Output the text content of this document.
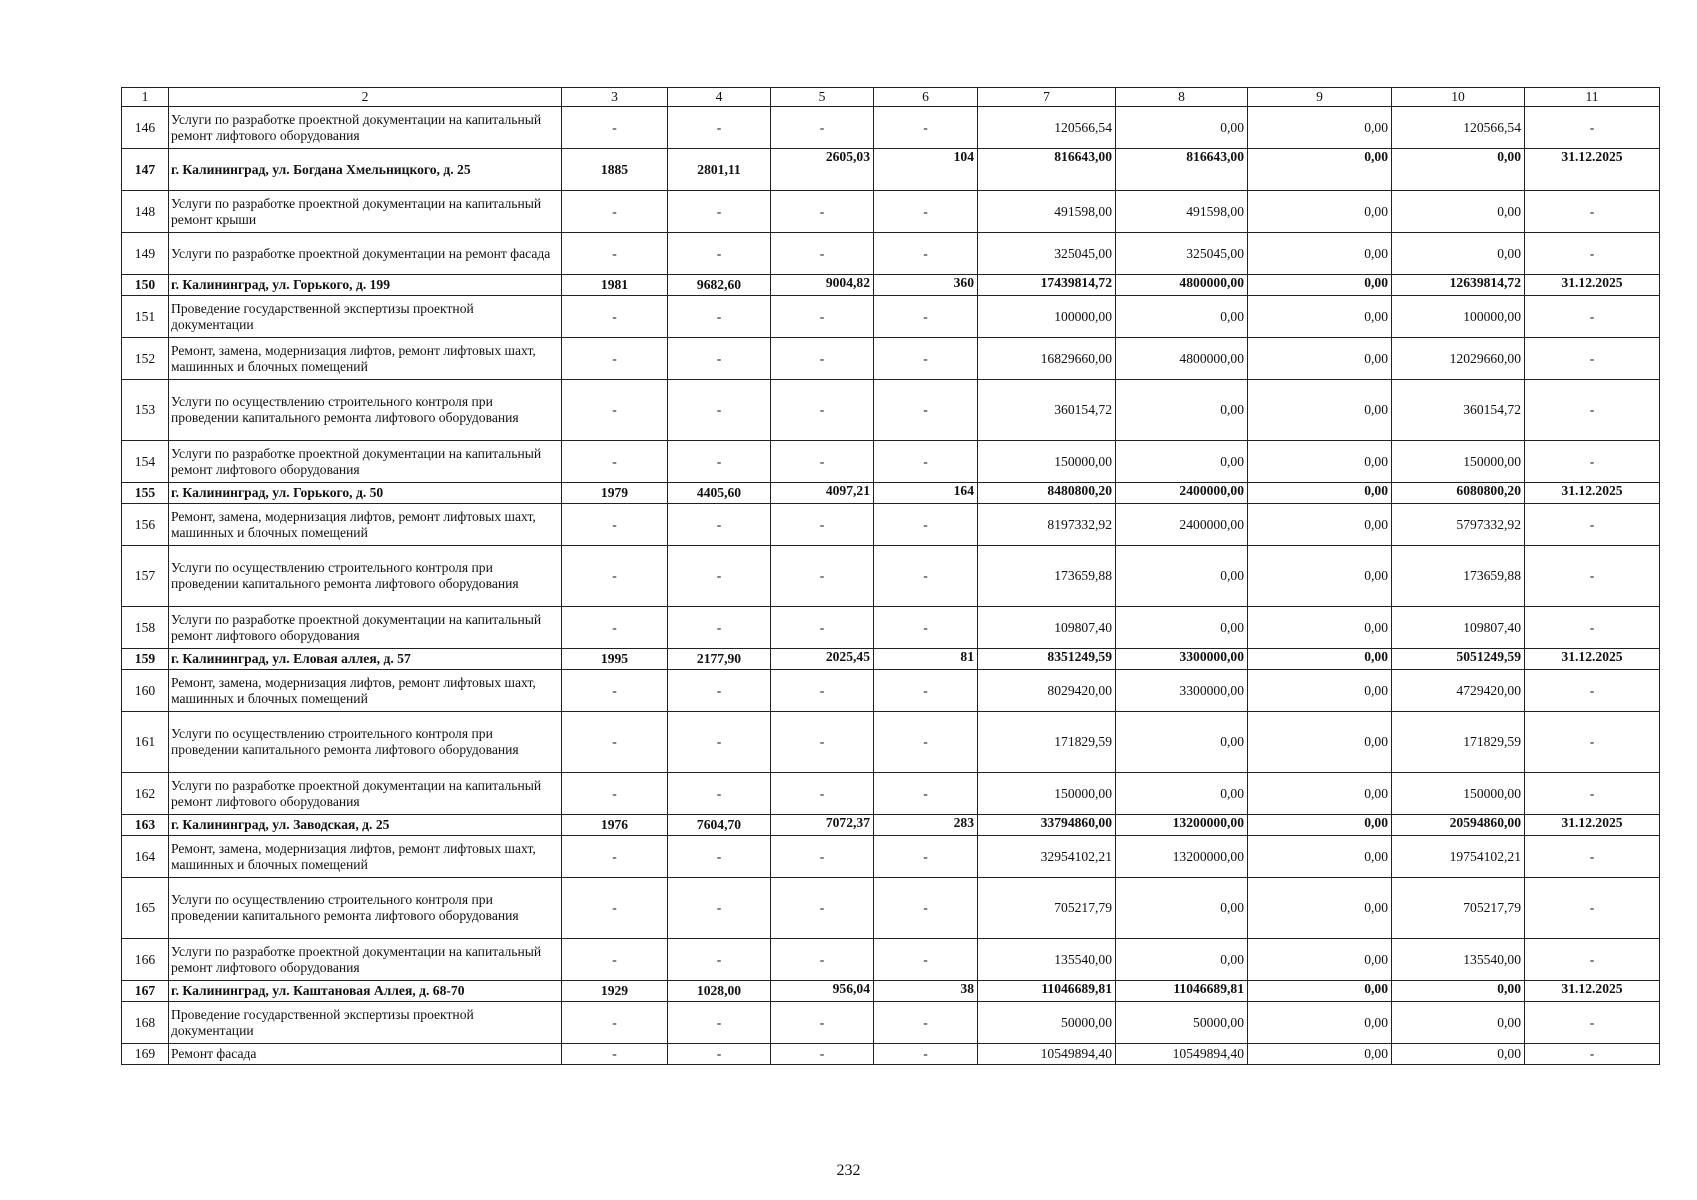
1	2	3	4	5	6	7	8	9	10	11
146	Услуги по разработке проектной документации на капитальный ремонт лифтового оборудования	-	-	-	-	120566,54	0,00	0,00	120566,54	-
147	г. Калининград, ул. Богдана Хмельницкого, д. 25	1885	2801,11	2605,03	104	816643,00	816643,00	0,00	0,00	31.12.2025
148	Услуги по разработке проектной документации на капитальный ремонт крыши	-	-	-	-	491598,00	491598,00	0,00	0,00	-
149	Услуги по разработке проектной документации на ремонт фасада	-	-	-	-	325045,00	325045,00	0,00	0,00	-
150	г. Калининград, ул. Горького, д. 199	1981	9682,60	9004,82	360	17439814,72	4800000,00	0,00	12639814,72	31.12.2025
151	Проведение государственной экспертизы проектной документации	-	-	-	-	100000,00	0,00	0,00	100000,00	-
152	Ремонт, замена, модернизация лифтов, ремонт лифтовых шахт, машинных и блочных помещений	-	-	-	-	16829660,00	4800000,00	0,00	12029660,00	-
153	Услуги по осуществлению строительного контроля при проведении капитального ремонта лифтового оборудования	-	-	-	-	360154,72	0,00	0,00	360154,72	-
154	Услуги по разработке проектной документации на капитальный ремонт лифтового оборудования	-	-	-	-	150000,00	0,00	0,00	150000,00	-
155	г. Калининград, ул. Горького, д. 50	1979	4405,60	4097,21	164	8480800,20	2400000,00	0,00	6080800,20	31.12.2025
156	Ремонт, замена, модернизация лифтов, ремонт лифтовых шахт, машинных и блочных помещений	-	-	-	-	8197332,92	2400000,00	0,00	5797332,92	-
157	Услуги по осуществлению строительного контроля при проведении капитального ремонта лифтового оборудования	-	-	-	-	173659,88	0,00	0,00	173659,88	-
158	Услуги по разработке проектной документации на капитальный ремонт лифтового оборудования	-	-	-	-	109807,40	0,00	0,00	109807,40	-
159	г. Калининград, ул. Еловая аллея, д. 57	1995	2177,90	2025,45	81	8351249,59	3300000,00	0,00	5051249,59	31.12.2025
160	Ремонт, замена, модернизация лифтов, ремонт лифтовых шахт, машинных и блочных помещений	-	-	-	-	8029420,00	3300000,00	0,00	4729420,00	-
161	Услуги по осуществлению строительного контроля при проведении капитального ремонта лифтового оборудования	-	-	-	-	171829,59	0,00	0,00	171829,59	-
162	Услуги по разработке проектной документации на капитальный ремонт лифтового оборудования	-	-	-	-	150000,00	0,00	0,00	150000,00	-
163	г. Калининград, ул. Заводская, д. 25	1976	7604,70	7072,37	283	33794860,00	13200000,00	0,00	20594860,00	31.12.2025
164	Ремонт, замена, модернизация лифтов, ремонт лифтовых шахт, машинных и блочных помещений	-	-	-	-	32954102,21	13200000,00	0,00	19754102,21	-
165	Услуги по осуществлению строительного контроля при проведении капитального ремонта лифтового оборудования	-	-	-	-	705217,79	0,00	0,00	705217,79	-
166	Услуги по разработке проектной документации на капитальный ремонт лифтового оборудования	-	-	-	-	135540,00	0,00	0,00	135540,00	-
167	г. Калининград, ул. Каштановая Аллея, д. 68-70	1929	1028,00	956,04	38	11046689,81	11046689,81	0,00	0,00	31.12.2025
168	Проведение государственной экспертизы проектной документации	-	-	-	-	50000,00	50000,00	0,00	0,00	-
169	Ремонт фасада	-	-	-	-	10549894,40	10549894,40	0,00	0,00	-
232
